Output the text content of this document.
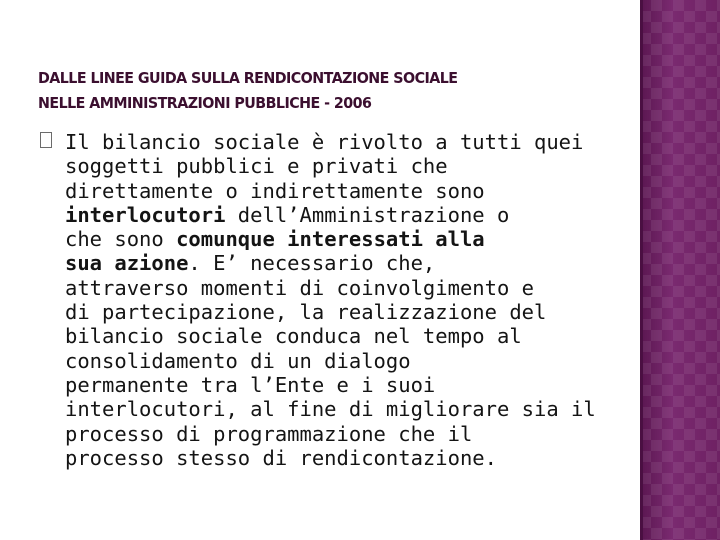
DALLE LINEE GUIDA SULLA RENDICONTAZIONE SOCIALE
NELLE AMMINISTRAZIONI PUBBLICHE - 2006
Il bilancio sociale è rivolto a tutti quei
soggetti pubblici e privati che
direttamente o indirettamente sono
interlocutori dell’Amministrazione o
che sono comunque interessati alla
sua azione. E’ necessario che,
attraverso momenti di coinvolgimento e
di partecipazione, la realizzazione del
bilancio sociale conduca nel tempo al
consolidamento di un dialogo
permanente tra l’Ente e i suoi
interlocutori, al fine di migliorare sia il
processo di programmazione che il
processo stesso di rendicontazione.
